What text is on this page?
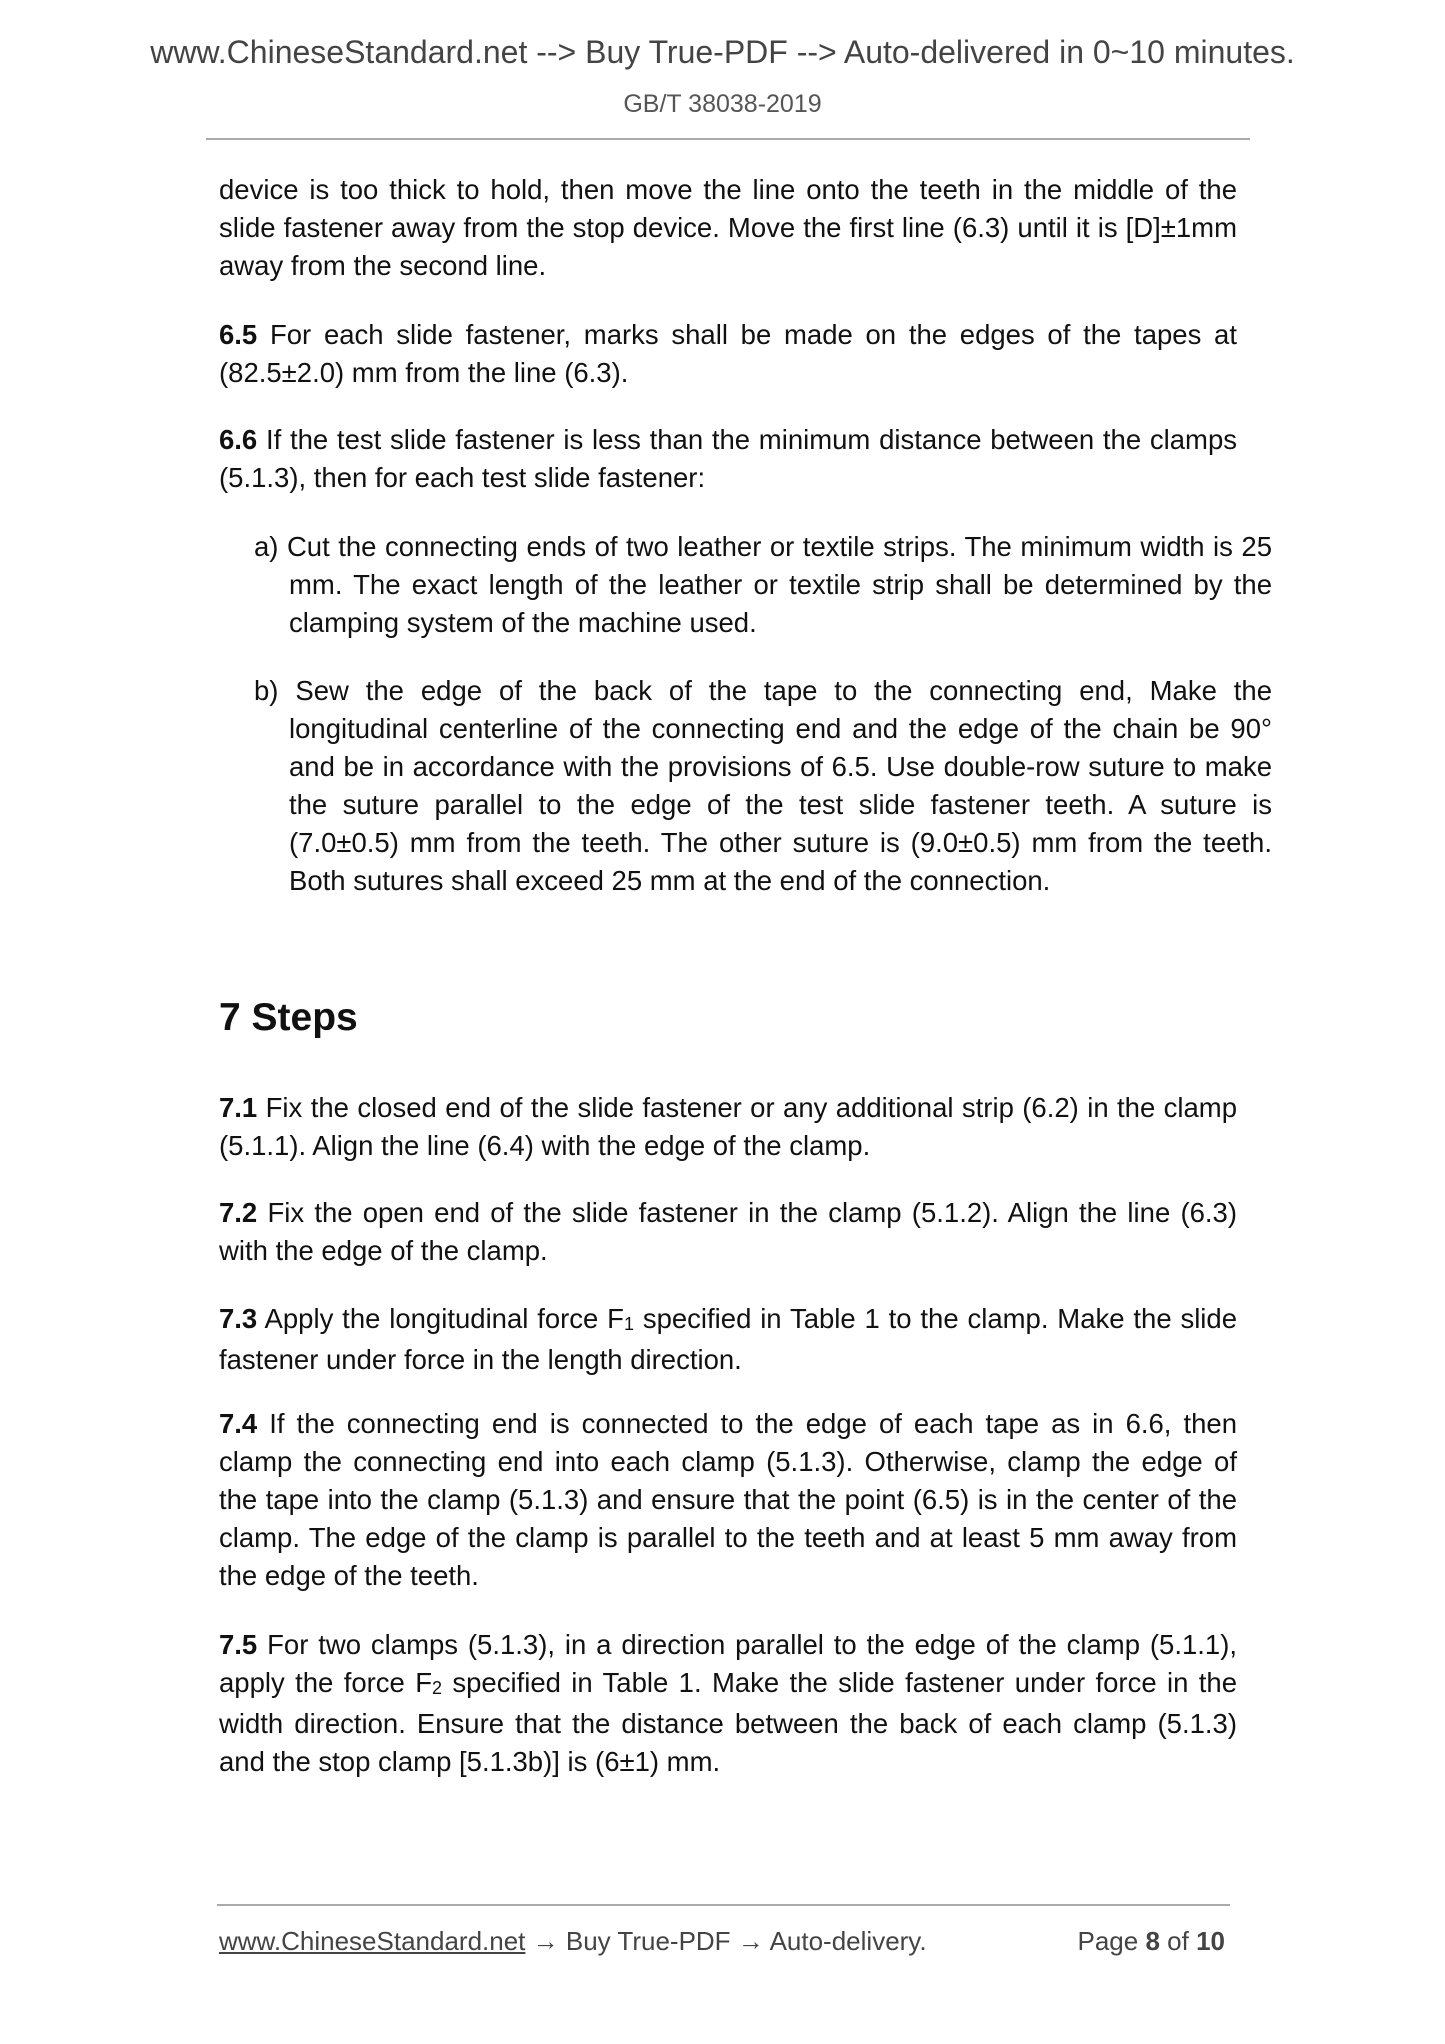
www.ChineseStandard.net --> Buy True-PDF --> Auto-delivered in 0~10 minutes.
GB/T 38038-2019

device is too thick to hold, then move the line onto the teeth in the middle of the slide fastener away from the stop device. Move the first line (6.3) until it is [D]±1mm away from the second line.

6.5 For each slide fastener, marks shall be made on the edges of the tapes at (82.5±2.0) mm from the line (6.3).

6.6 If the test slide fastener is less than the minimum distance between the clamps (5.1.3), then for each test slide fastener:

a) Cut the connecting ends of two leather or textile strips. The minimum width is 25 mm. The exact length of the leather or textile strip shall be determined by the clamping system of the machine used.

b) Sew the edge of the back of the tape to the connecting end, Make the longitudinal centerline of the connecting end and the edge of the chain be 90° and be in accordance with the provisions of 6.5. Use double-row suture to make the suture parallel to the edge of the test slide fastener teeth. A suture is (7.0±0.5) mm from the teeth. The other suture is (9.0±0.5) mm from the teeth. Both sutures shall exceed 25 mm at the end of the connection.

7 Steps

7.1 Fix the closed end of the slide fastener or any additional strip (6.2) in the clamp (5.1.1). Align the line (6.4) with the edge of the clamp.

7.2 Fix the open end of the slide fastener in the clamp (5.1.2). Align the line (6.3) with the edge of the clamp.

7.3 Apply the longitudinal force $F_1$ specified in Table 1 to the clamp. Make the slide fastener under force in the length direction.

7.4 If the connecting end is connected to the edge of each tape as in 6.6, then clamp the connecting end into each clamp (5.1.3). Otherwise, clamp the edge of the tape into the clamp (5.1.3) and ensure that the point (6.5) is in the center of the clamp. The edge of the clamp is parallel to the teeth and at least 5 mm away from the edge of the teeth.

7.5 For two clamps (5.1.3), in a direction parallel to the edge of the clamp (5.1.1), apply the force $F_2$ specified in Table 1. Make the slide fastener under force in the width direction. Ensure that the distance between the back of each clamp (5.1.3) and the stop clamp [5.1.3b)] is (6±1) mm.

www.ChineseStandard.net → Buy True-PDF → Auto-delivery.	Page 8 of 10
